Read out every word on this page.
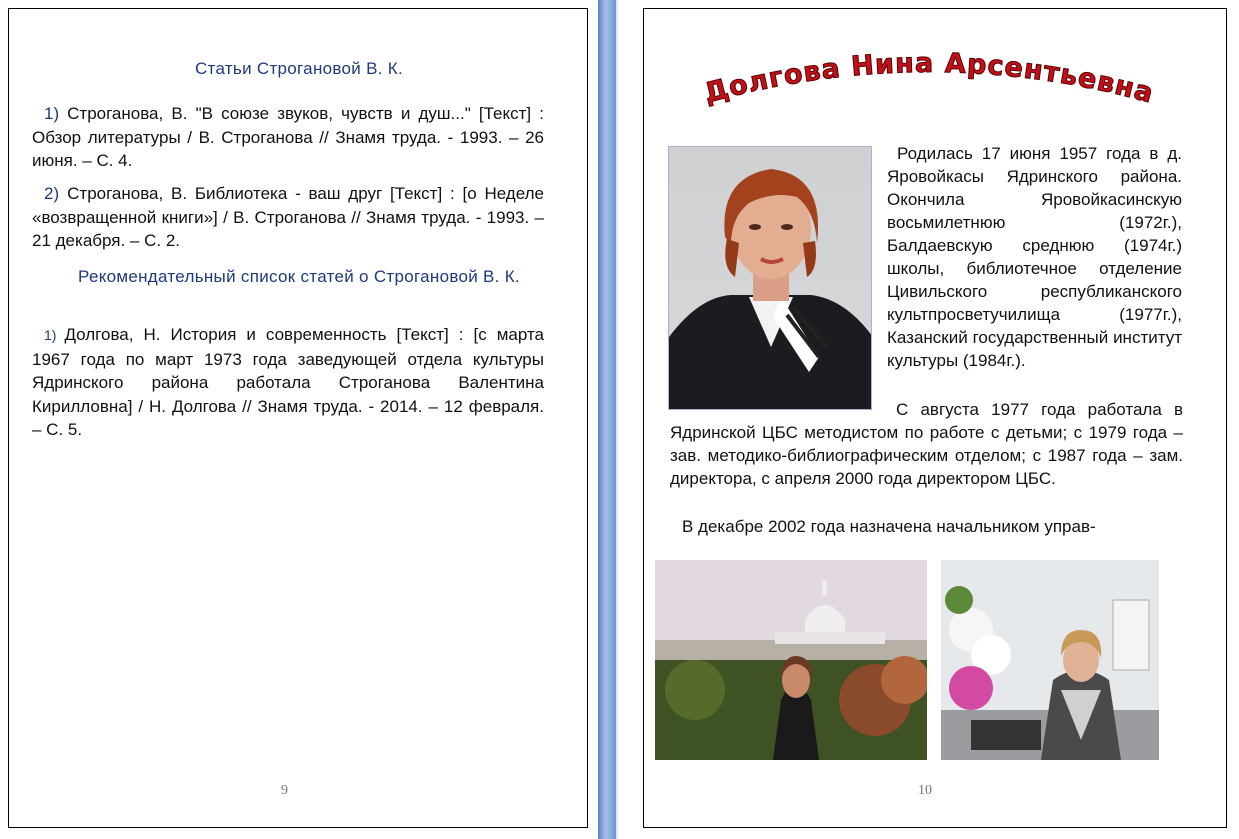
Статьи Строгановой В. К.
1) Строганова, В. "В союзе звуков, чувств и душ..." [Текст] : Обзор литературы / В. Строганова // Знамя труда. - 1993. – 26 июня. – С. 4.
2) Строганова, В. Библиотека - ваш друг [Текст] : [о Неделе «возвращенной книги»] / В. Строганова // Знамя труда. - 1993. – 21 декабря. – С. 2.
Рекомендательный список статей о Строгановой В. К.
1) Долгова, Н. История и современность [Текст] : [с марта 1967 года по март 1973 года заведующей отдела культуры Ядринского района работала Строганова Валентина Кирилловна] / Н. Долгова // Знамя труда. - 2014. – 12 февраля. – С. 5.
9
Долгова Нина Арсентьевна
Родилась 17 июня 1957 года в д. Яровойкасы Ядринского района. Окончила Яровойкасинскую восьмилетнюю (1972г.), Балдаевскую среднюю (1974г.) школы, библиотечное отделение Цивильского республиканского культпросветучилища (1977г.), Казанский государственный институт культуры (1984г.).
С августа 1977 года работала в Ядринской ЦБС методистом по работе с детьми; с 1979 года – зав. методико-библиографическим отделом; с 1987 года – зам. директора, с апреля 2000 года директором ЦБС.
В декабре 2002 года назначена начальником управ-
10
